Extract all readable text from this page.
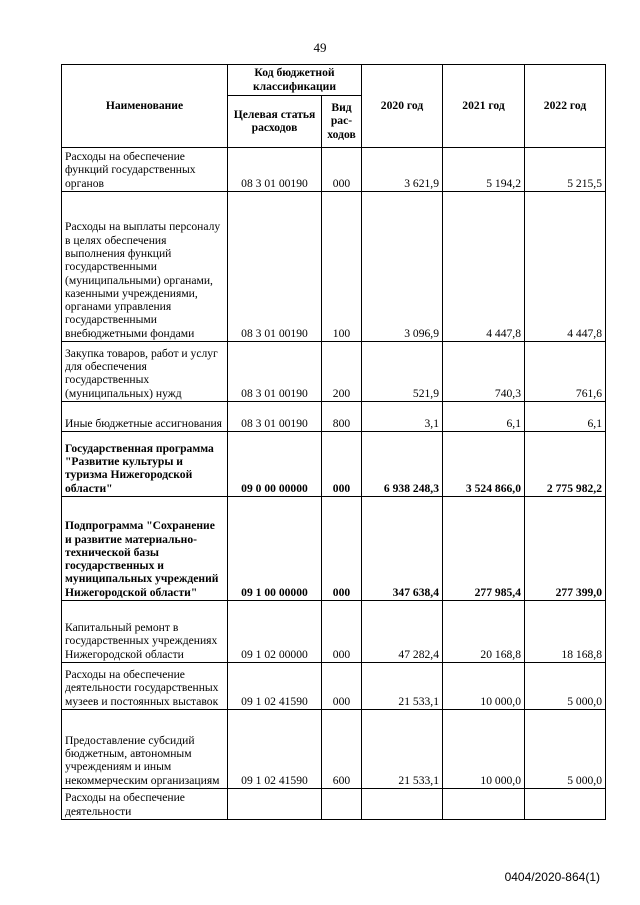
49
Наименование	Код бюджетной классификации		2020 год	2021 год	2022 год
	Целевая статья расходов	Вид рас-ходов			
Расходы на обеспечение функций государственных органов	08 3 01 00190	000	3 621,9	5 194,2	5 215,5
Расходы на выплаты персоналу в целях обеспечения выполнения функций государственными (муниципальными) органами, казенными учреждениями, органами управления государственными внебюджетными фондами	08 3 01 00190	100	3 096,9	4 447,8	4 447,8
Закупка товаров, работ и услуг для обеспечения государственных (муниципальных) нужд	08 3 01 00190	200	521,9	740,3	761,6
Иные бюджетные ассигнования	08 3 01 00190	800	3,1	6,1	6,1
Государственная программа "Развитие культуры и туризма Нижегородской области"	09 0 00 00000	000	6 938 248,3	3 524 866,0	2 775 982,2
Подпрограмма "Сохранение и развитие материально-технической базы государственных и муниципальных учреждений Нижегородской области"	09 1 00 00000	000	347 638,4	277 985,4	277 399,0
Капитальный ремонт в государственных учреждениях Нижегородской области	09 1 02 00000	000	47 282,4	20 168,8	18 168,8
Расходы на обеспечение деятельности государственных музеев и постоянных выставок	09 1 02 41590	000	21 533,1	10 000,0	5 000,0
Предоставление субсидий бюджетным, автономным учреждениям и иным некоммерческим организациям	09 1 02 41590	600	21 533,1	10 000,0	5 000,0
Расходы на обеспечение деятельности					
0404/2020-864(1)
